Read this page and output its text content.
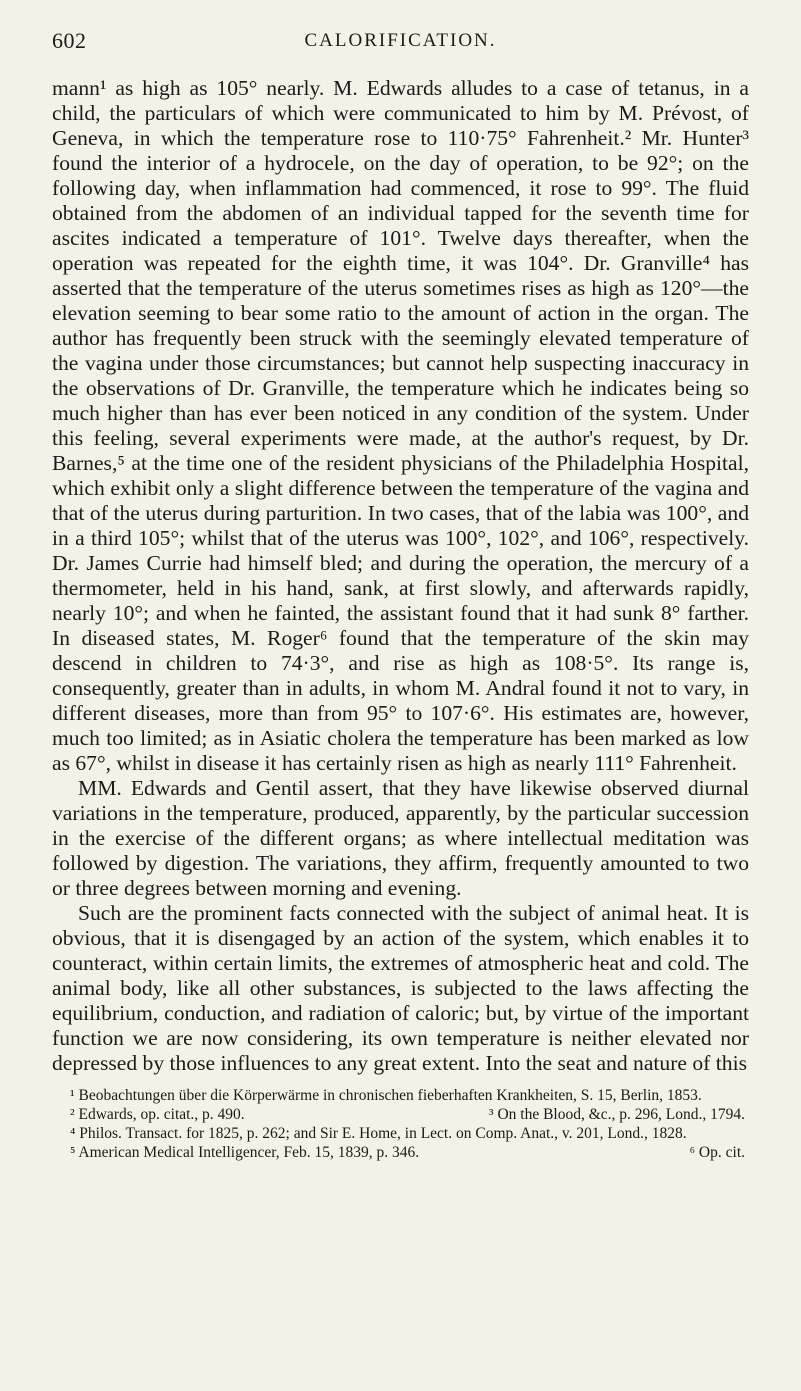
602	CALORIFICATION.

mann¹ as high as 105° nearly. M. Edwards alludes to a case of tetanus, in a child, the particulars of which were communicated to him by M. Prévost, of Geneva, in which the temperature rose to 110·75° Fahrenheit.² Mr. Hunter³ found the interior of a hydrocele, on the day of operation, to be 92°; on the following day, when inflammation had commenced, it rose to 99°. The fluid obtained from the abdomen of an individual tapped for the seventh time for ascites indicated a temperature of 101°. Twelve days thereafter, when the operation was repeated for the eighth time, it was 104°. Dr. Granville⁴ has asserted that the temperature of the uterus sometimes rises as high as 120°—the elevation seeming to bear some ratio to the amount of action in the organ. The author has frequently been struck with the seemingly elevated temperature of the vagina under those circumstances; but cannot help suspecting inaccuracy in the observations of Dr. Granville, the temperature which he indicates being so much higher than has ever been noticed in any condition of the system. Under this feeling, several experiments were made, at the author's request, by Dr. Barnes,⁵ at the time one of the resident physicians of the Philadelphia Hospital, which exhibit only a slight difference between the temperature of the vagina and that of the uterus during parturition. In two cases, that of the labia was 100°, and in a third 105°; whilst that of the uterus was 100°, 102°, and 106°, respectively. Dr. James Currie had himself bled; and during the operation, the mercury of a thermometer, held in his hand, sank, at first slowly, and afterwards rapidly, nearly 10°; and when he fainted, the assistant found that it had sunk 8° farther. In diseased states, M. Roger⁶ found that the temperature of the skin may descend in children to 74·3°, and rise as high as 108·5°. Its range is, consequently, greater than in adults, in whom M. Andral found it not to vary, in different diseases, more than from 95° to 107·6°. His estimates are, however, much too limited; as in Asiatic cholera the temperature has been marked as low as 67°, whilst in disease it has certainly risen as high as nearly 111° Fahrenheit.

MM. Edwards and Gentil assert, that they have likewise observed diurnal variations in the temperature, produced, apparently, by the particular succession in the exercise of the different organs; as where intellectual meditation was followed by digestion. The variations, they affirm, frequently amounted to two or three degrees between morning and evening.

Such are the prominent facts connected with the subject of animal heat. It is obvious, that it is disengaged by an action of the system, which enables it to counteract, within certain limits, the extremes of atmospheric heat and cold. The animal body, like all other substances, is subjected to the laws affecting the equilibrium, conduction, and radiation of caloric; but, by virtue of the important function we are now considering, its own temperature is neither elevated nor depressed by those influences to any great extent. Into the seat and nature of this

¹ Beobachtungen über die Körperwärme in chronischen fieberhaften Krankheiten, S. 15, Berlin, 1853.

² Edwards, op. citat., p. 490.	³ On the Blood, &c., p. 296, Lond., 1794.

⁴ Philos. Transact. for 1825, p. 262; and Sir E. Home, in Lect. on Comp. Anat., v. 201, Lond., 1828.

⁵ American Medical Intelligencer, Feb. 15, 1839, p. 346.	⁶ Op. cit.
